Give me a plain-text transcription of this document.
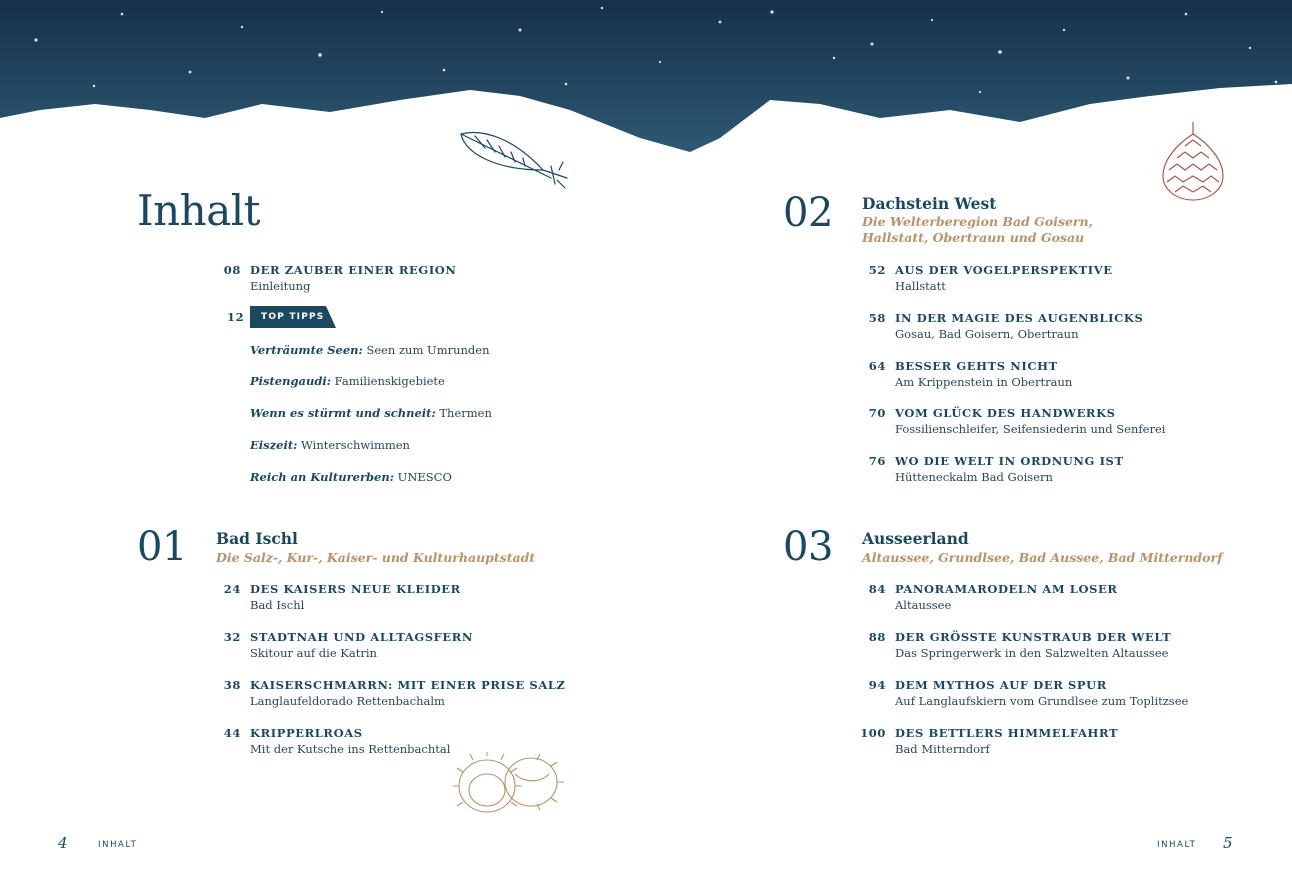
Inhalt
08 DER ZAUBER EINER REGION
Einleitung
12 TOP TIPPS
Verträumte Seen: Seen zum Umrunden
Pistengaudi: Familienskigebiete
Wenn es stürmt und schneit: Thermen
Eiszeit: Winterschwimmen
Reich an Kulturerben: UNESCO
01 Bad Ischl
Die Salz-, Kur-, Kaiser- und Kulturhauptstadt
24 DES KAISERS NEUE KLEIDER
Bad Ischl
32 STADTNAH UND ALLTAGSFERN
Skitour auf die Katrin
38 KAISERSCHMARRN: MIT EINER PRISE SALZ
Langlaufeldorado Rettenbachalm
44 KRIPPERLROAS
Mit der Kutsche ins Rettenbachtal
4	INHALT
02 Dachstein West
Die Welterberegion Bad Goisern,
Hallstatt, Obertraun und Gosau
52 AUS DER VOGELPERSPEKTIVE
Hallstatt
58 IN DER MAGIE DES AUGENBLICKS
Gosau, Bad Goisern, Obertraun
64 BESSER GEHTS NICHT
Am Krippenstein in Obertraun
70 VOM GLÜCK DES HANDWERKS
Fossilienschleifer, Seifensiederin und Senferei
76 WO DIE WELT IN ORDNUNG IST
Hütteneckalm Bad Goisern
03 Ausseerland
Altaussee, Grundlsee, Bad Aussee, Bad Mitterndorf
84 PANORAMARODELN AM LOSER
Altaussee
88 DER GRÖSSTE KUNSTRAUB DER WELT
Das Springerwerk in den Salzwelten Altaussee
94 DEM MYTHOS AUF DER SPUR
Auf Langlaufskiern vom Grundlsee zum Toplitzsee
100 DES BETTLERS HIMMELFAHRT
Bad Mitterndorf
INHALT 5
